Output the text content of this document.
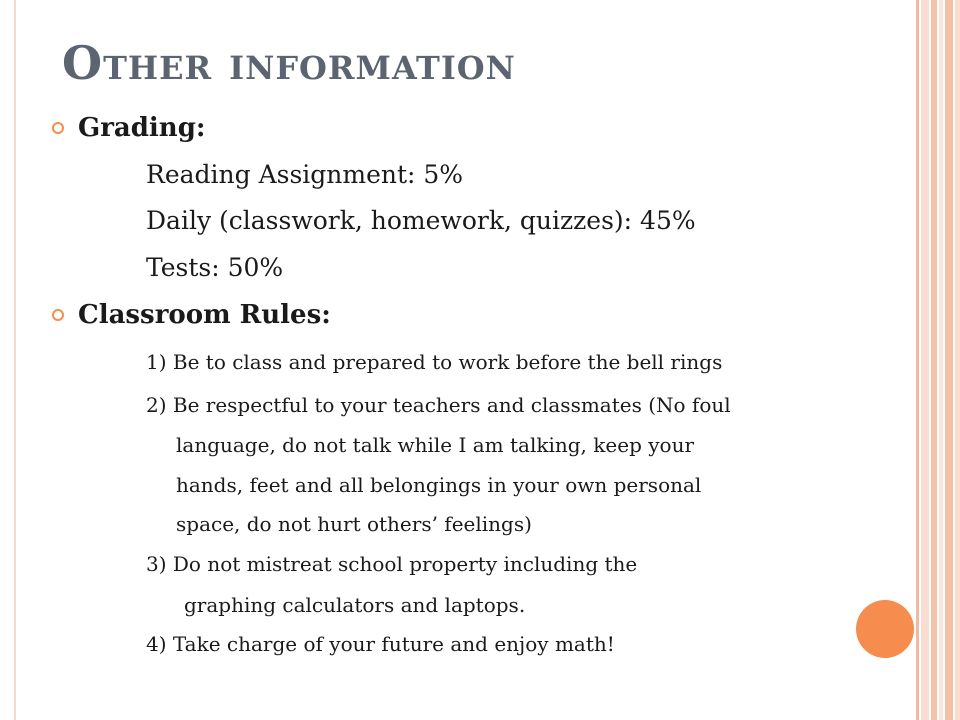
Other information
Grading:
Reading Assignment: 5%
Daily (classwork, homework, quizzes): 45%
Tests: 50%
Classroom Rules:
1) Be to class and prepared to work before the bell rings
2) Be respectful to your teachers and classmates (No foul
language, do not talk while I am talking, keep your
hands, feet and all belongings in your own personal
space, do not hurt others’ feelings)
3) Do not mistreat school property including the
graphing calculators and laptops.
4) Take charge of your future and enjoy math!
